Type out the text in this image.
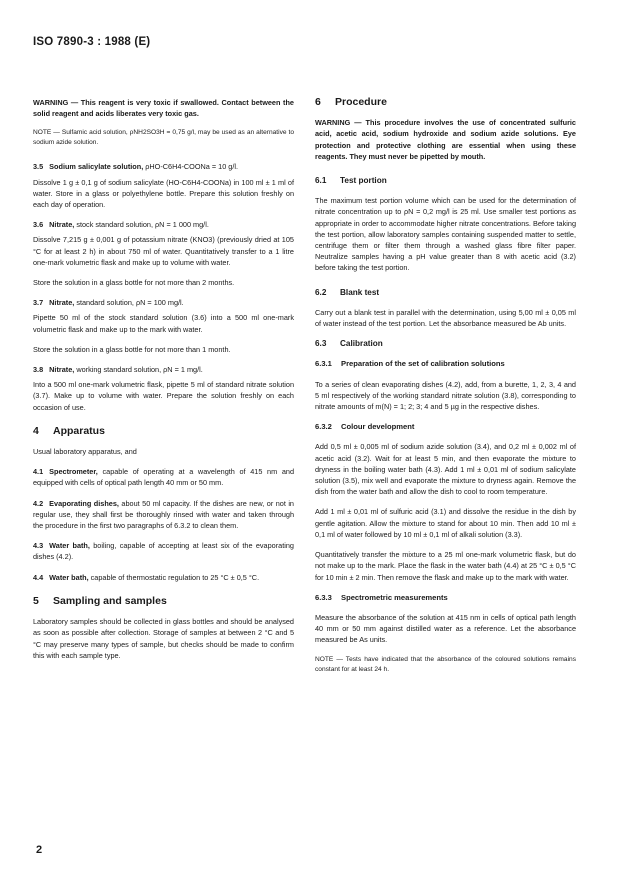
ISO 7890-3 : 1988 (E)

WARNING — This reagent is very toxic if swallowed. Contact between the solid reagent and acids liberates very toxic gas.

NOTE — Sulfamic acid solution, ρNH2SO3H = 0,75 g/l, may be used as an alternative to sodium azide solution.

3.5 Sodium salicylate solution, ρHO-C6H4-COONa = 10 g/l.

Dissolve 1 g ± 0,1 g of sodium salicylate (HO-C6H4-COONa) in 100 ml ± 1 ml of water. Store in a glass or polyethylene bottle. Prepare this solution freshly on each day of operation.

3.6 Nitrate, stock standard solution, ρN = 1 000 mg/l.

Dissolve 7,215 g ± 0,001 g of potassium nitrate (KNO3) (previously dried at 105 °C for at least 2 h) in about 750 ml of water. Quantitatively transfer to a 1 litre one-mark volumetric flask and make up to volume with water.

Store the solution in a glass bottle for not more than 2 months.

3.7 Nitrate, standard solution, ρN = 100 mg/l.

Pipette 50 ml of the stock standard solution (3.6) into a 500 ml one-mark volumetric flask and make up to the mark with water.

Store the solution in a glass bottle for not more than 1 month.

3.8 Nitrate, working standard solution, ρN = 1 mg/l.

Into a 500 ml one-mark volumetric flask, pipette 5 ml of standard nitrate solution (3.7). Make up to volume with water. Prepare the solution freshly on each occasion of use.

4 Apparatus

Usual laboratory apparatus, and

4.1 Spectrometer, capable of operating at a wavelength of 415 nm and equipped with cells of optical path length 40 mm or 50 mm.

4.2 Evaporating dishes, about 50 ml capacity. If the dishes are new, or not in regular use, they shall first be thoroughly rinsed with water and taken through the procedure in the first two paragraphs of 6.3.2 to clean them.

4.3 Water bath, boiling, capable of accepting at least six of the evaporating dishes (4.2).

4.4 Water bath, capable of thermostatic regulation to 25 °C ± 0,5 °C.

5 Sampling and samples

Laboratory samples should be collected in glass bottles and should be analysed as soon as possible after collection. Storage of samples at between 2 °C and 5 °C may preserve many types of sample, but checks should be made to confirm this with each sample type.

6 Procedure

WARNING — This procedure involves the use of concentrated sulfuric acid, acetic acid, sodium hydroxide and sodium azide solutions. Eye protection and protective clothing are essential when using these reagents. They must never be pipetted by mouth.

6.1 Test portion

The maximum test portion volume which can be used for the determination of nitrate concentration up to ρN = 0,2 mg/l is 25 ml. Use smaller test portions as appropriate in order to accommodate higher nitrate concentrations. Before taking the test portion, allow laboratory samples containing suspended matter to settle, centrifuge them or filter them through a washed glass fibre filter paper. Neutralize samples having a pH value greater than 8 with acetic acid (3.2) before taking the test portion.

6.2 Blank test

Carry out a blank test in parallel with the determination, using 5,00 ml ± 0,05 ml of water instead of the test portion. Let the absorbance measured be Ab units.

6.3 Calibration
6.3.1 Preparation of the set of calibration solutions

To a series of clean evaporating dishes (4.2), add, from a burette, 1, 2, 3, 4 and 5 ml respectively of the working standard nitrate solution (3.8), corresponding to nitrate amounts of m(N) = 1; 2; 3; 4 and 5 µg in the respective dishes.

6.3.2 Colour development

Add 0,5 ml ± 0,005 ml of sodium azide solution (3.4), and 0,2 ml ± 0,002 ml of acetic acid (3.2). Wait for at least 5 min, and then evaporate the mixture to dryness in the boiling water bath (4.3). Add 1 ml ± 0,01 ml of sodium salicylate solution (3.5), mix well and evaporate the mixture to dryness again. Remove the dish from the water bath and allow the dish to cool to room temperature.

Add 1 ml ± 0,01 ml of sulfuric acid (3.1) and dissolve the residue in the dish by gentle agitation. Allow the mixture to stand for about 10 min. Then add 10 ml ± 0,1 ml of water followed by 10 ml ± 0,1 ml of alkali solution (3.3).

Quantitatively transfer the mixture to a 25 ml one-mark volumetric flask, but do not make up to the mark. Place the flask in the water bath (4.4) at 25 °C ± 0,5 °C for 10 min ± 2 min. Then remove the flask and make up to the mark with water.

6.3.3 Spectrometric measurements

Measure the absorbance of the solution at 415 nm in cells of optical path length 40 mm or 50 mm against distilled water as a reference. Let the absorbance measured be As units.

NOTE — Tests have indicated that the absorbance of the coloured solutions remains constant for at least 24 h.

2
